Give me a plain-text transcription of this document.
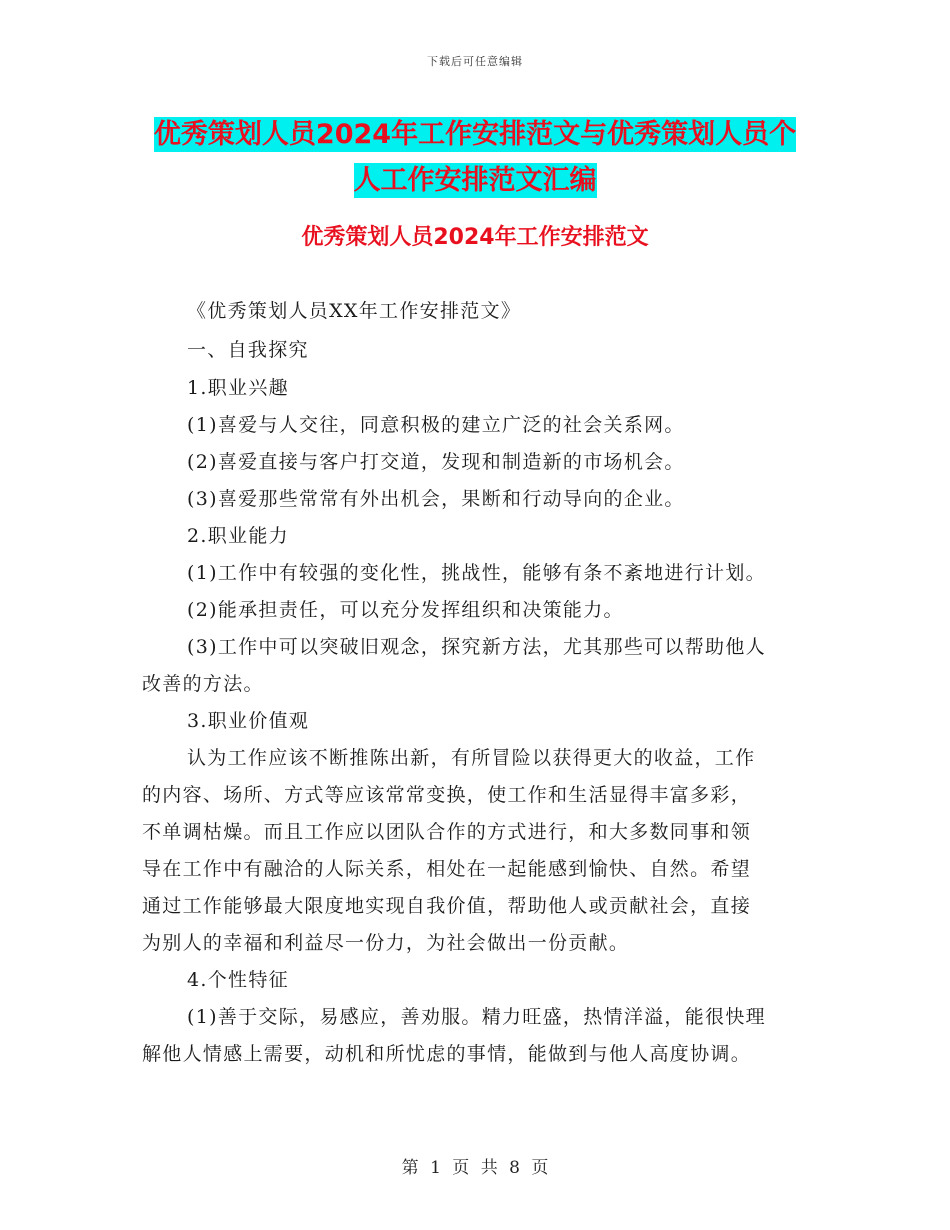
下载后可任意编辑
优秀策划人员2024年工作安排范文与优秀策划人员个
人工作安排范文汇编
优秀策划人员2024年工作安排范文
《优秀策划人员XX年工作安排范文》
一、自我探究
1.职业兴趣
(1)喜爱与人交往，同意积极的建立广泛的社会关系网。
(2)喜爱直接与客户打交道，发现和制造新的市场机会。
(3)喜爱那些常常有外出机会，果断和行动导向的企业。
2.职业能力
(1)工作中有较强的变化性，挑战性，能够有条不紊地进行计划。
(2)能承担责任，可以充分发挥组织和决策能力。
(3)工作中可以突破旧观念，探究新方法，尤其那些可以帮助他人
改善的方法。
3.职业价值观
认为工作应该不断推陈出新，有所冒险以获得更大的收益，工作
的内容、场所、方式等应该常常变换，使工作和生活显得丰富多彩，
不单调枯燥。而且工作应以团队合作的方式进行，和大多数同事和领
导在工作中有融洽的人际关系，相处在一起能感到愉快、自然。希望
通过工作能够最大限度地实现自我价值，帮助他人或贡献社会，直接
为别人的幸福和利益尽一份力，为社会做出一份贡献。
4.个性特征
(1)善于交际，易感应，善劝服。精力旺盛，热情洋溢，能很快理
解他人情感上需要，动机和所忧虑的事情，能做到与他人高度协调。
第 1 页 共 8 页
